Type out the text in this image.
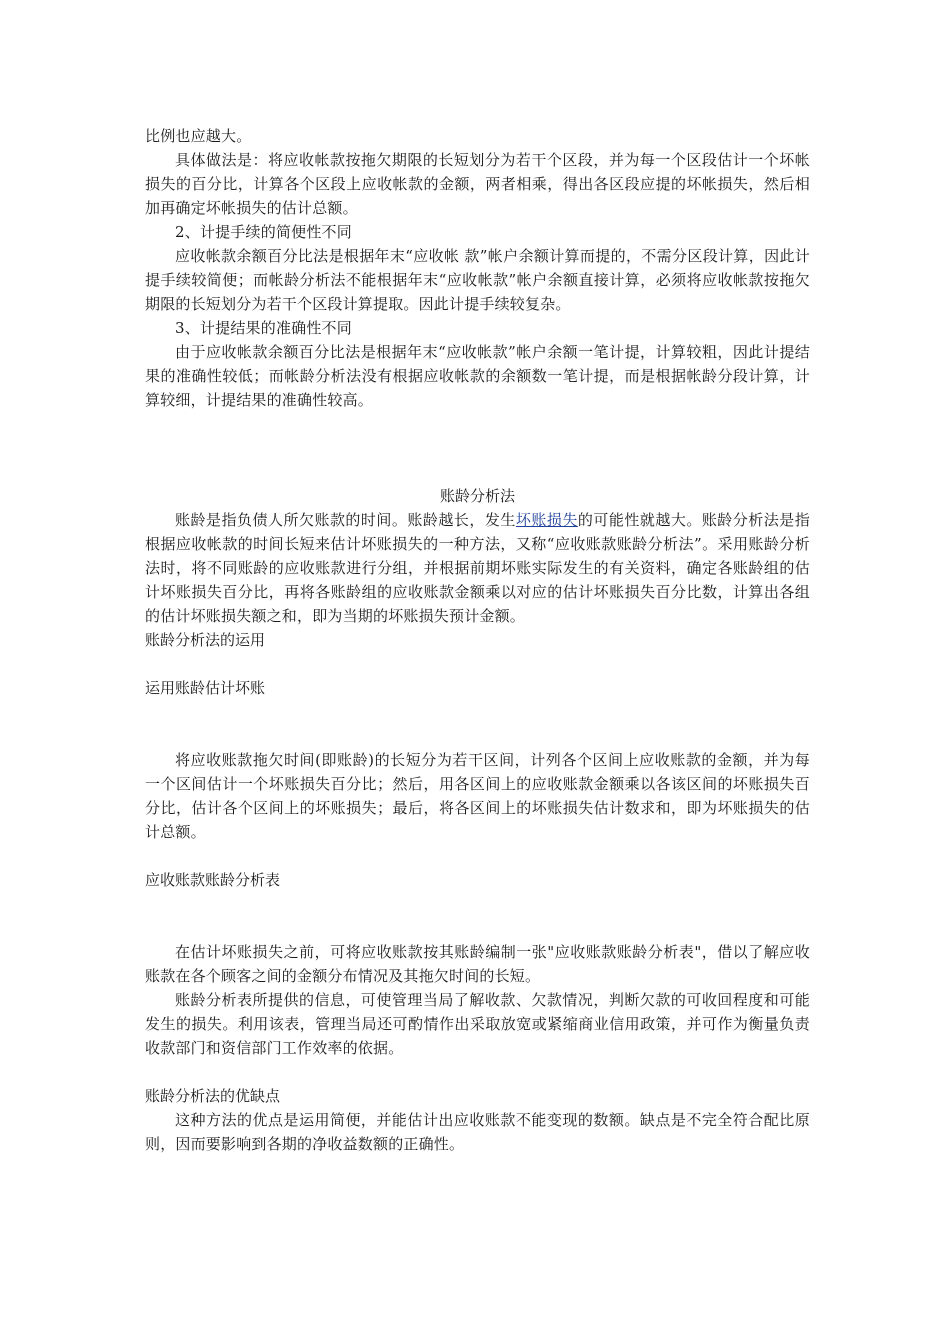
比例也应越大。
具体做法是：将应收帐款按拖欠期限的长短划分为若干个区段，并为每一个区段估计一个坏帐损失的百分比，计算各个区段上应收帐款的金额，两者相乘，得出各区段应提的坏帐损失，然后相加再确定坏帐损失的估计总额。
2、计提手续的简便性不同
应收帐款余额百分比法是根据年末“应收帐 款”帐户余额计算而提的，不需分区段计算，因此计提手续较简便；而帐龄分析法不能根据年末“应收帐款”帐户余额直接计算，必须将应收帐款按拖欠期限的长短划分为若干个区段计算提取。因此计提手续较复杂。
3、计提结果的准确性不同
由于应收帐款余额百分比法是根据年末“应收帐款”帐户余额一笔计提，计算较粗，因此计提结果的准确性较低；而帐龄分析法没有根据应收帐款的余额数一笔计提，而是根据帐龄分段计算，计算较细，计提结果的准确性较高。
账龄分析法
账龄是指负债人所欠账款的时间。账龄越长，发生坏账损失的可能性就越大。账龄分析法是指根据应收帐款的时间长短来估计坏账损失的一种方法，又称“应收账款账龄分析法”。采用账龄分析法时，将不同账龄的应收账款进行分组，并根据前期坏账实际发生的有关资料，确定各账龄组的估计坏账损失百分比，再将各账龄组的应收账款金额乘以对应的估计坏账损失百分比数，计算出各组的估计坏账损失额之和，即为当期的坏账损失预计金额。
账龄分析法的运用
运用账龄估计坏账
将应收账款拖欠时间(即账龄)的长短分为若干区间，计列各个区间上应收账款的金额，并为每一个区间估计一个坏账损失百分比；然后，用各区间上的应收账款金额乘以各该区间的坏账损失百分比，估计各个区间上的坏账损失；最后，将各区间上的坏账损失估计数求和，即为坏账损失的估计总额。
应收账款账龄分析表
在估计坏账损失之前，可将应收账款按其账龄编制一张"应收账款账龄分析表"，借以了解应收账款在各个顾客之间的金额分布情况及其拖欠时间的长短。
账龄分析表所提供的信息，可使管理当局了解收款、欠款情况，判断欠款的可收回程度和可能发生的损失。利用该表，管理当局还可酌情作出采取放宽或紧缩商业信用政策，并可作为衡量负责收款部门和资信部门工作效率的依据。
账龄分析法的优缺点
这种方法的优点是运用简便，并能估计出应收账款不能变现的数额。缺点是不完全符合配比原则，因而要影响到各期的净收益数额的正确性。
